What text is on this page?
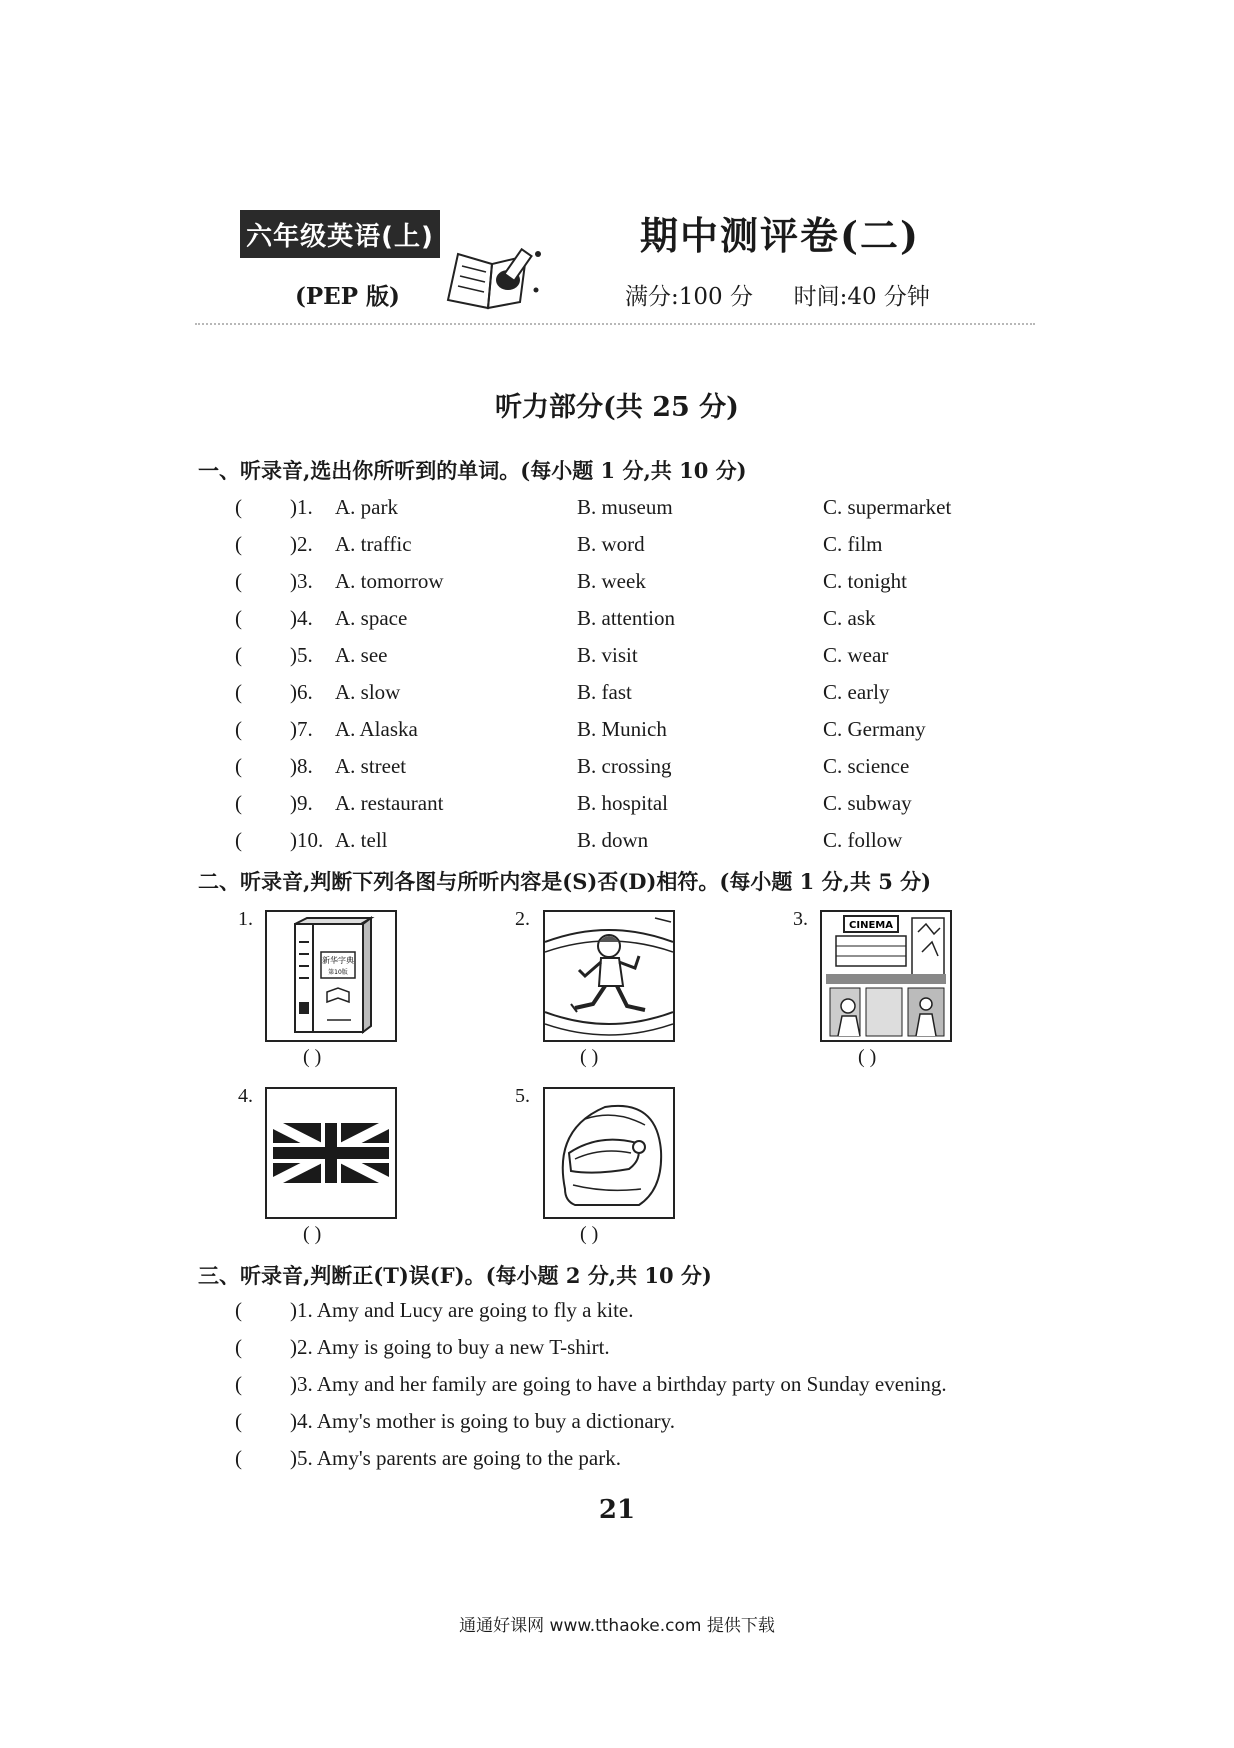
六年级英语(上)
(PEP 版)
期中测评卷(二)
满分:100 分 时间:40 分钟
听力部分(共 25 分)
一、听录音,选出你所听到的单词。(每小题 1 分,共 10 分)
( )1. A. park	B. museum	C. supermarket
( )2. A. traffic	B. word	C. film
( )3. A. tomorrow	B. week	C. tonight
( )4. A. space	B. attention	C. ask
( )5. A. see	B. visit	C. wear
( )6. A. slow	B. fast	C. early
( )7. A. Alaska	B. Munich	C. Germany
( )8. A. street	B. crossing	C. science
( )9. A. restaurant	B. hospital	C. subway
( )10. A. tell	B. down	C. follow
二、听录音,判断下列各图与所听内容是(S)否(D)相符。(每小题 1 分,共 5 分)
1.
新华字典
第10版
( )
2.
( )
3.	CINEMA
( )
4.
( )
5.
( )
三、听录音,判断正(T)误(F)。(每小题 2 分,共 10 分)
( )1. Amy and Lucy are going to fly a kite.
( )2. Amy is going to buy a new T-shirt.
( )3. Amy and her family are going to have a birthday party on Sunday evening.
( )4. Amy's mother is going to buy a dictionary.
( )5. Amy's parents are going to the park.
21
通通好课网 www.tthaoke.com 提供下载
